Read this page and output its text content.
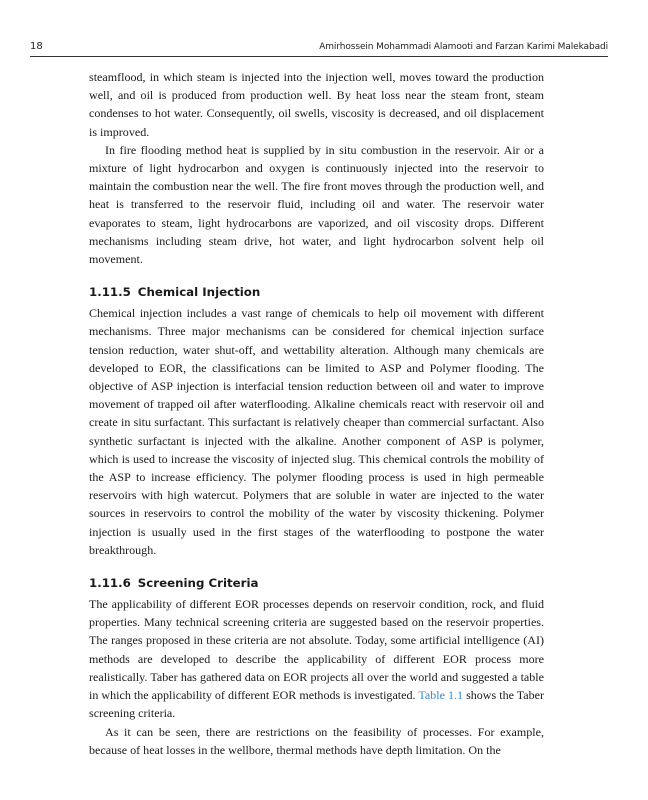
18	Amirhossein Mohammadi Alamooti and Farzan Karimi Malekabadi

steamflood, in which steam is injected into the injection well, moves toward the production well, and oil is produced from production well. By heat loss near the steam front, steam condenses to hot water. Consequently, oil swells, viscosity is decreased, and oil displacement is improved.

In fire flooding method heat is supplied by in situ combustion in the reservoir. Air or a mixture of light hydrocarbon and oxygen is continuously injected into the reservoir to maintain the combustion near the well. The fire front moves through the production well, and heat is transferred to the reservoir fluid, including oil and water. The reservoir water evaporates to steam, light hydrocarbons are vaporized, and oil viscosity drops. Different mechanisms including steam drive, hot water, and light hydrocarbon solvent help oil movement.

1.11.5 Chemical Injection

Chemical injection includes a vast range of chemicals to help oil movement with different mechanisms. Three major mechanisms can be considered for chemical injection surface tension reduction, water shut-off, and wettability alteration. Although many chemicals are developed to EOR, the classifications can be limited to ASP and Polymer flooding. The objective of ASP injection is interfacial tension reduction between oil and water to improve movement of trapped oil after waterflooding. Alkaline chemicals react with reservoir oil and create in situ surfactant. This surfactant is relatively cheaper than commercial surfactant. Also synthetic surfactant is injected with the alkaline. Another component of ASP is polymer, which is used to increase the viscosity of injected slug. This chemical controls the mobility of the ASP to increase efficiency. The polymer flooding process is used in high permeable reservoirs with high watercut. Polymers that are soluble in water are injected to the water sources in reservoirs to control the mobility of the water by viscosity thickening. Polymer injection is usually used in the first stages of the waterflooding to postpone the water breakthrough.

1.11.6 Screening Criteria

The applicability of different EOR processes depends on reservoir condition, rock, and fluid properties. Many technical screening criteria are suggested based on the reservoir properties. The ranges proposed in these criteria are not absolute. Today, some artificial intelligence (AI) methods are developed to describe the applicability of different EOR process more realistically. Taber has gathered data on EOR projects all over the world and suggested a table in which the applicability of different EOR methods is investigated. Table 1.1 shows the Taber screening criteria.

As it can be seen, there are restrictions on the feasibility of processes. For example, because of heat losses in the wellbore, thermal methods have depth limitation. On the
